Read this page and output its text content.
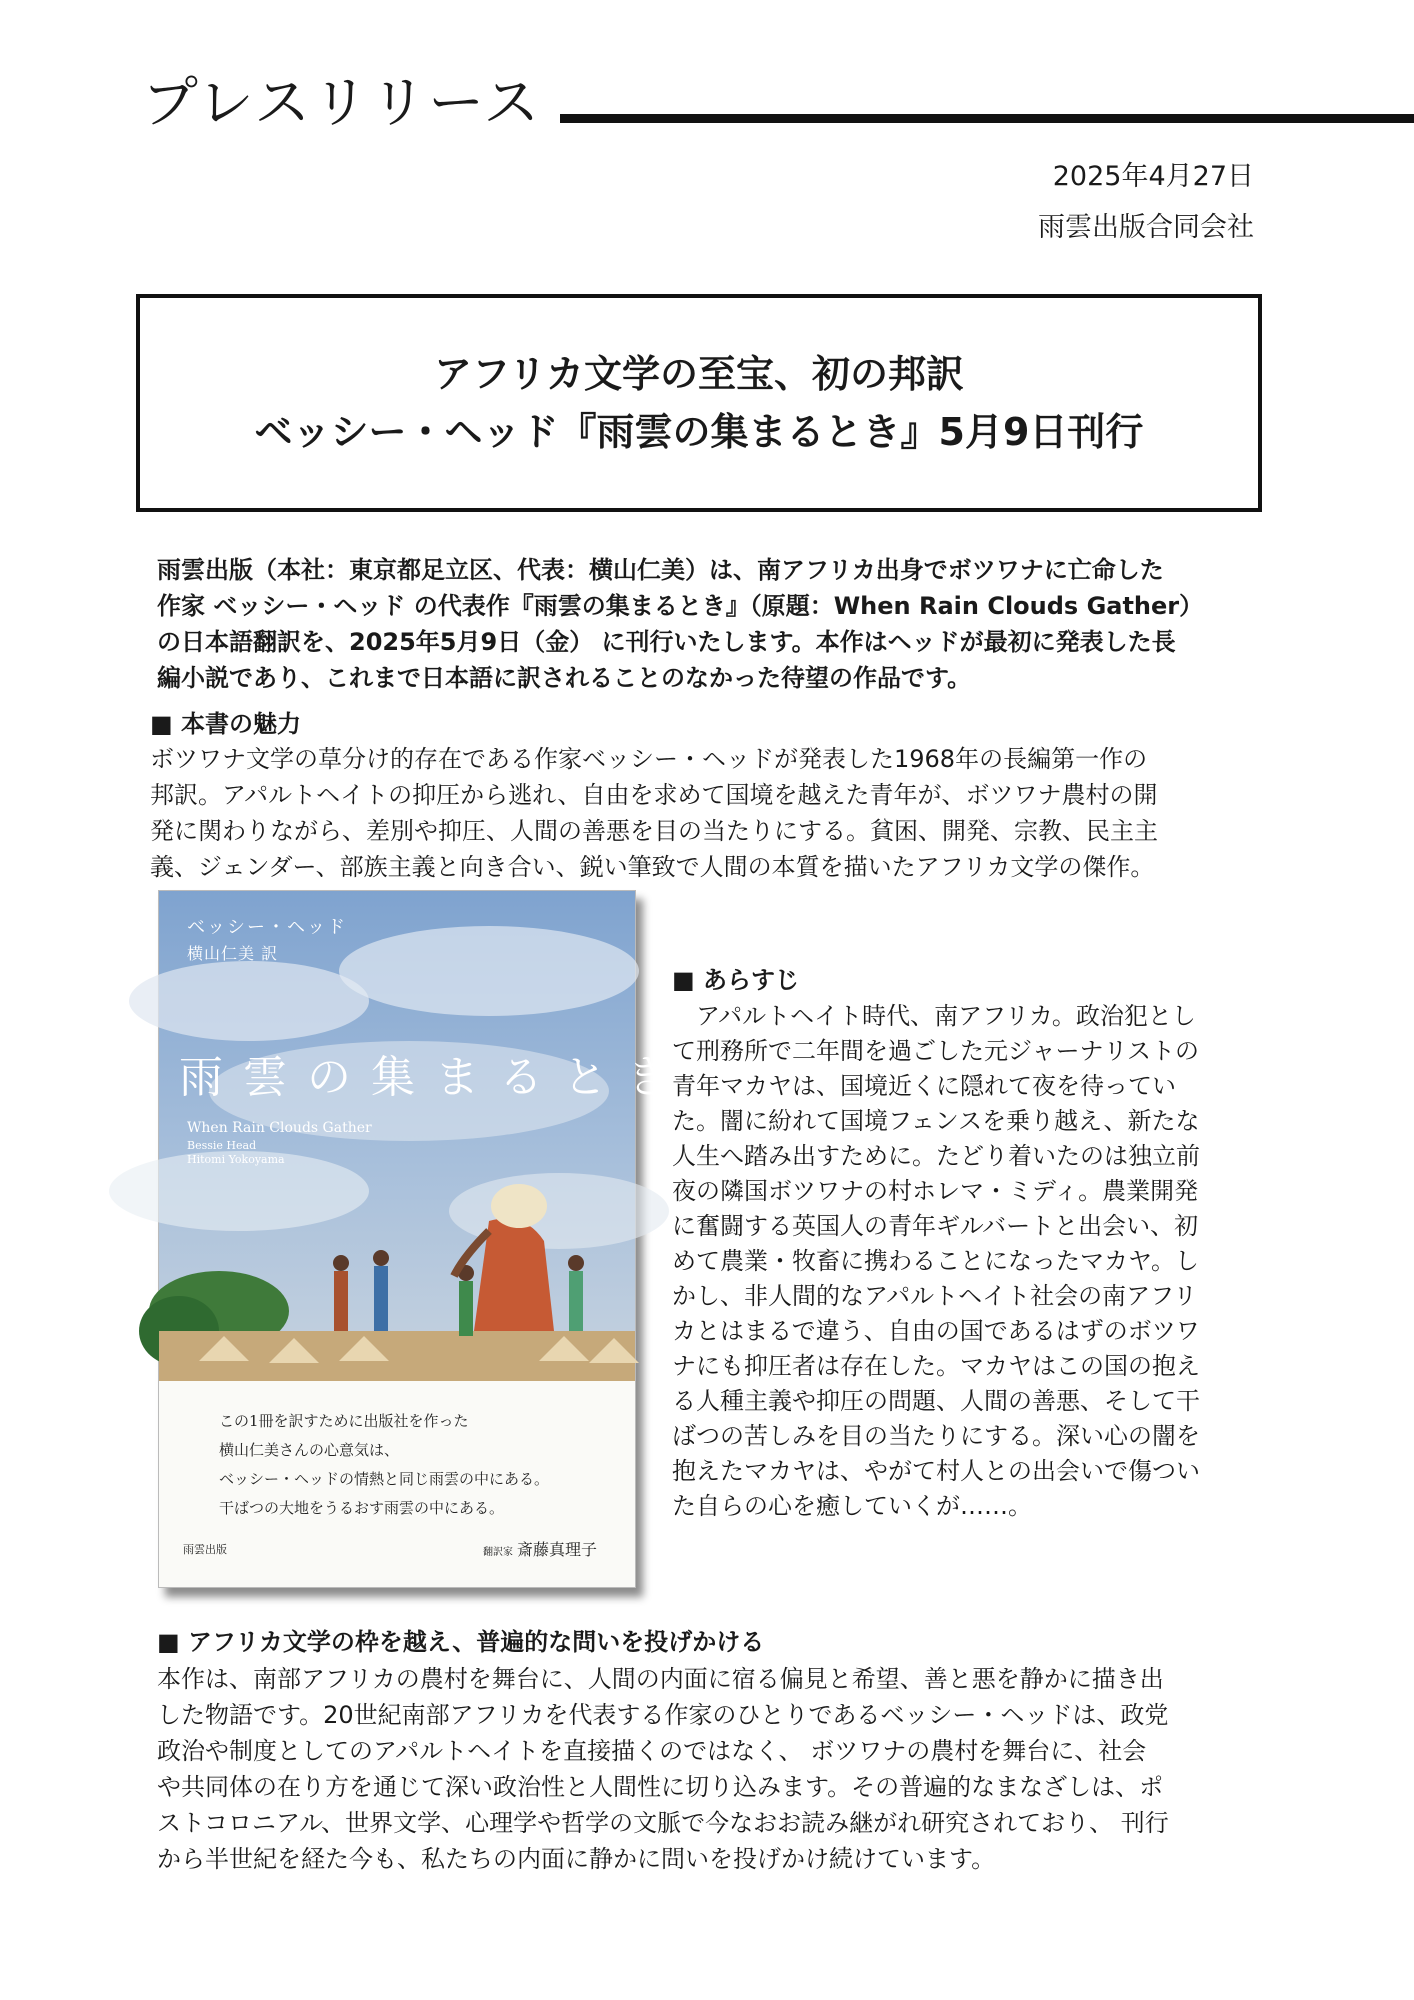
プレスリリース
2025年4月27日
雨雲出版合同会社
アフリカ文学の至宝、初の邦訳
ベッシー・ヘッド『雨雲の集まるとき』5月9日刊行

雨雲出版（本社：東京都足立区、代表：横山仁美）は、南アフリカ出身でボツワナに亡命した

作家 ベッシー・ヘッド の代表作『雨雲の集まるとき』（原題：When Rain Clouds Gather）

の日本語翻訳を、2025年5月9日（金） に刊行いたします。本作はヘッドが最初に発表した長

編小説であり、これまで日本語に訳されることのなかった待望の作品です。

■ 本書の魅力

ボツワナ文学の草分け的存在である作家ベッシー・ヘッドが発表した1968年の長編第一作の

邦訳。アパルトヘイトの抑圧から逃れ、自由を求めて国境を越えた青年が、ボツワナ農村の開

発に関わりながら、差別や抑圧、人間の善悪を目の当たりにする。貧困、開発、宗教、民主主

義、ジェンダー、部族主義と向き合い、鋭い筆致で人間の本質を描いたアフリカ文学の傑作。

ベッシー・ヘッド
横山仁美 訳
雨雲の集まるとき
When Rain Clouds Gather
Bessie Head
Hitomi Yokoyama

この1冊を訳すために出版社を作った

横山仁美さんの心意気は、

ベッシー・ヘッドの情熱と同じ雨雲の中にある。

干ばつの大地をうるおす雨雲の中にある。

雨雲出版	翻訳家 斎藤真理子
■ あらすじ

　アパルトヘイト時代、南アフリカ。政治犯とし

て刑務所で二年間を過ごした元ジャーナリストの

青年マカヤは、国境近くに隠れて夜を待ってい

た。闇に紛れて国境フェンスを乗り越え、新たな

人生へ踏み出すために。たどり着いたのは独立前

夜の隣国ボツワナの村ホレマ・ミディ。農業開発

に奮闘する英国人の青年ギルバートと出会い、初

めて農業・牧畜に携わることになったマカヤ。し

かし、非人間的なアパルトヘイト社会の南アフリ

カとはまるで違う、自由の国であるはずのボツワ

ナにも抑圧者は存在した。マカヤはこの国の抱え

る人種主義や抑圧の問題、人間の善悪、そして干

ばつの苦しみを目の当たりにする。深い心の闇を

抱えたマカヤは、やがて村人との出会いで傷つい

た自らの心を癒していくが……。

■ アフリカ文学の枠を越え、普遍的な問いを投げかける

本作は、南部アフリカの農村を舞台に、人間の内面に宿る偏見と希望、善と悪を静かに描き出

した物語です。20世紀南部アフリカを代表する作家のひとりであるベッシー・ヘッドは、政党

政治や制度としてのアパルトヘイトを直接描くのではなく、 ボツワナの農村を舞台に、社会

や共同体の在り方を通じて深い政治性と人間性に切り込みます。その普遍的なまなざしは、ポ

ストコロニアル、世界文学、心理学や哲学の文脈で今なおお読み継がれ研究されており、 刊行

から半世紀を経た今も、私たちの内面に静かに問いを投げかけ続けています。
